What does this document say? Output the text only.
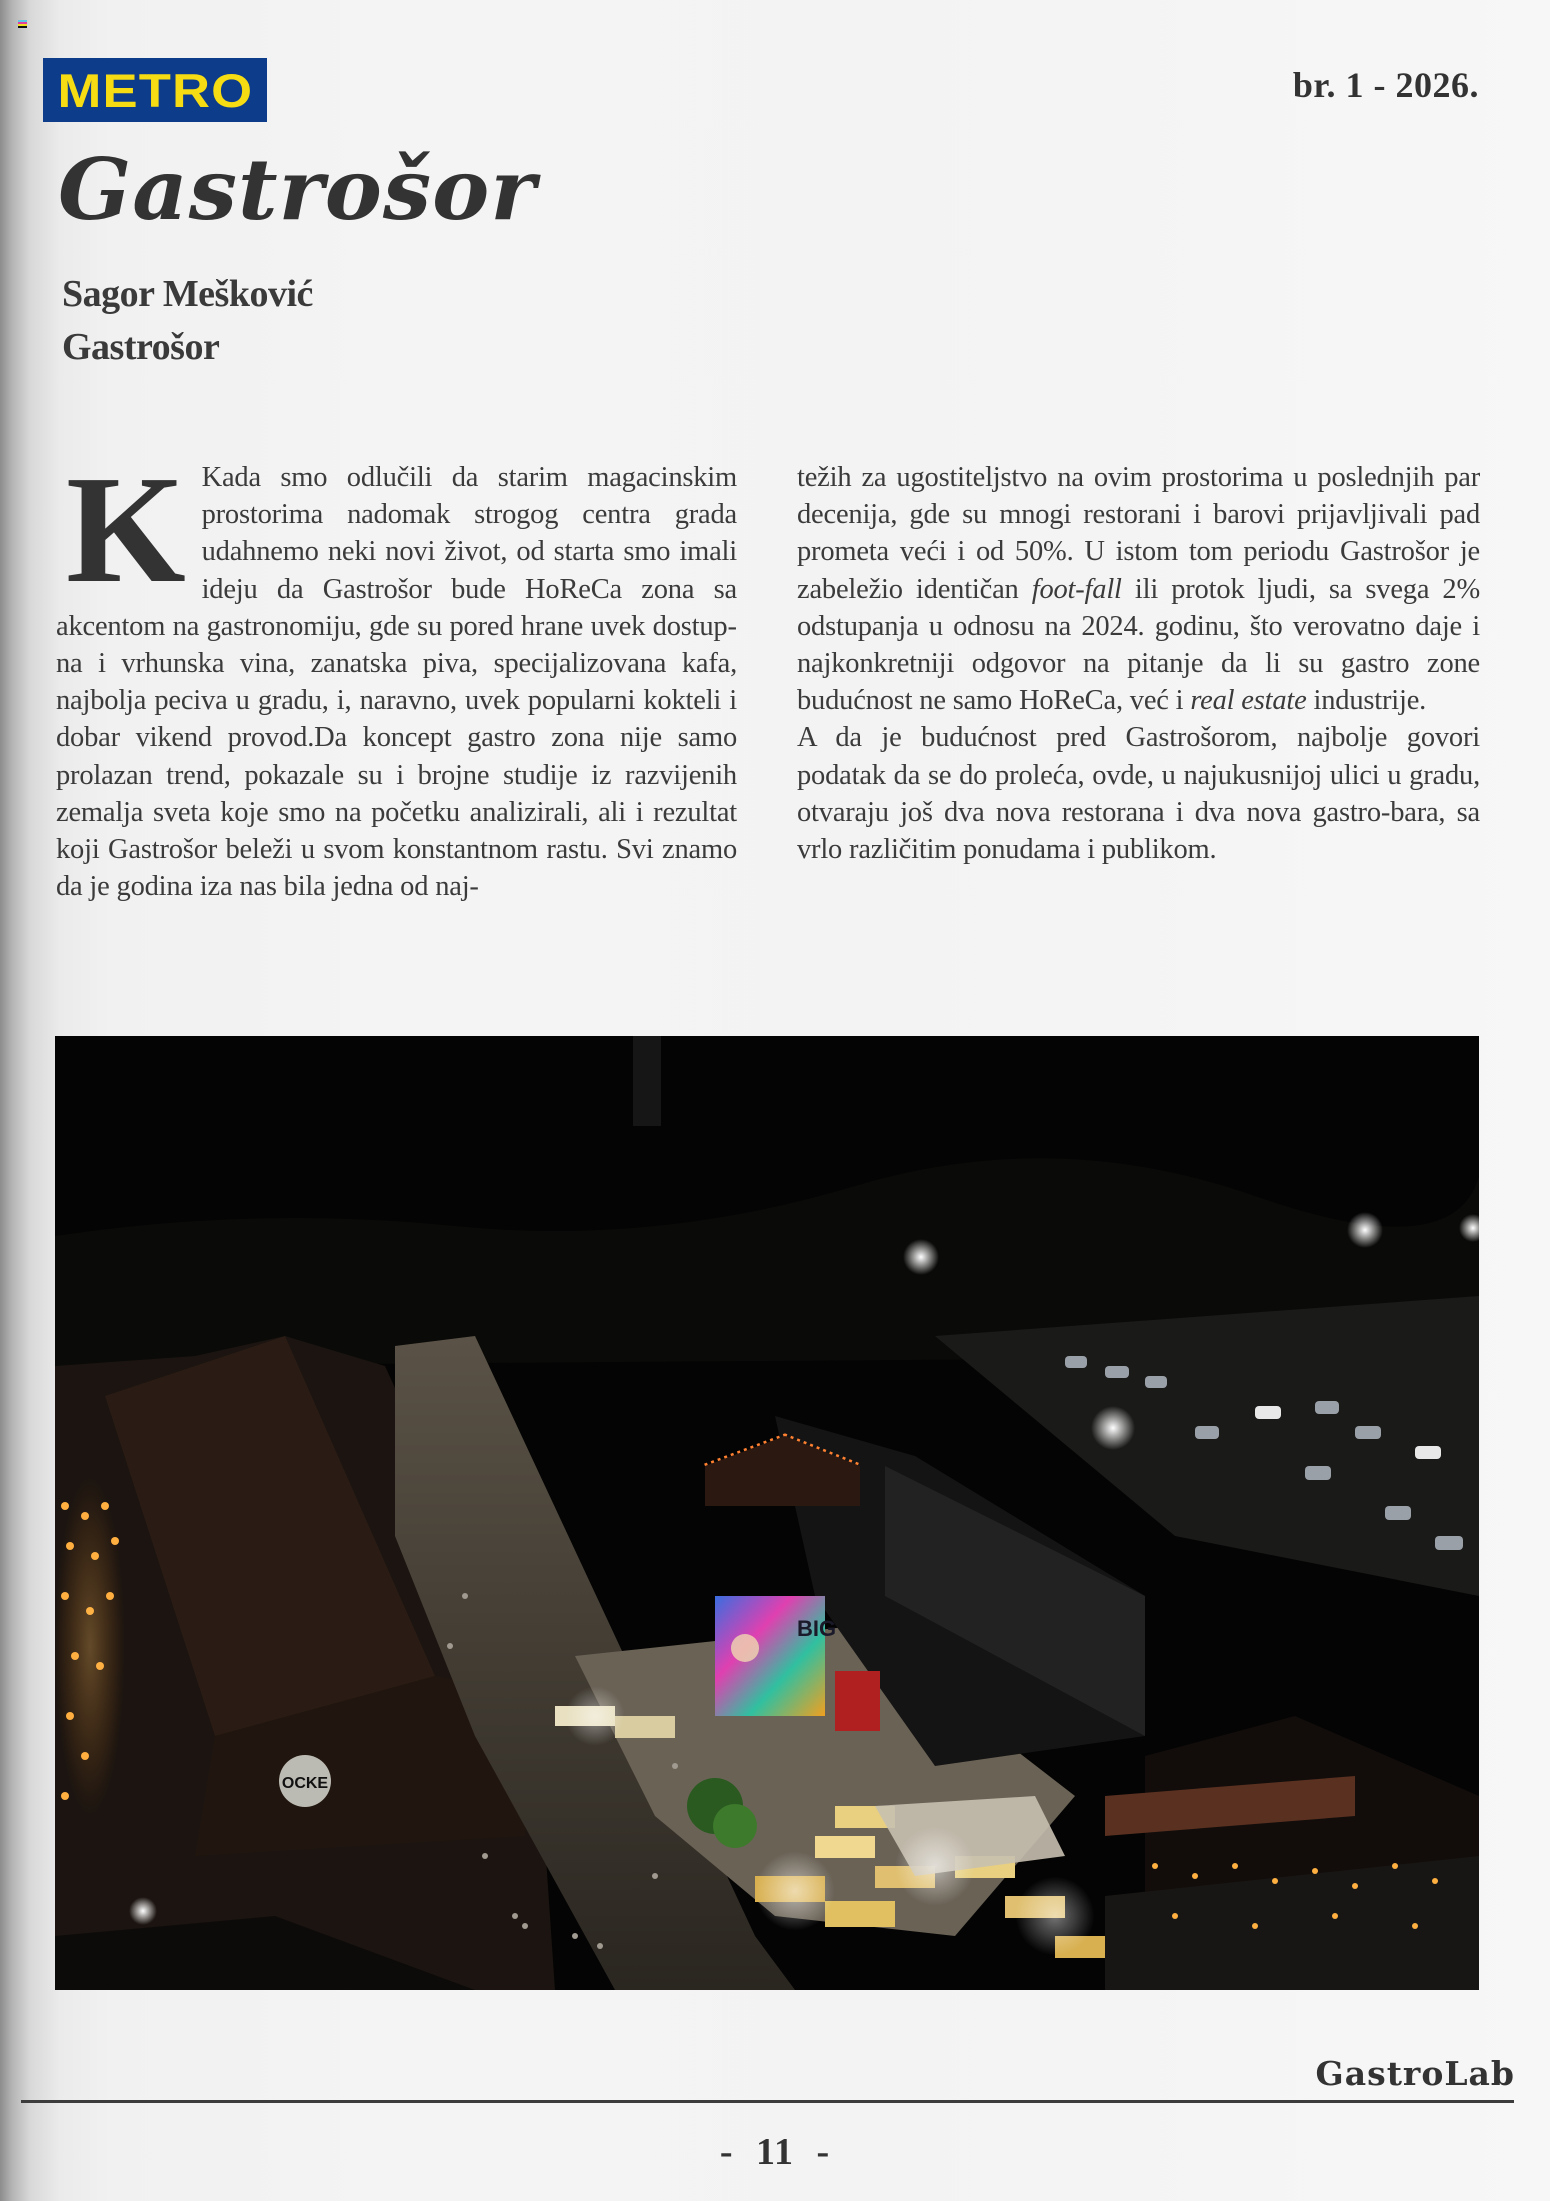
METRO	br. 1 - 2026.
Gastrošor
Sagor Mešković
Gastrošor

K Kada smo odlučili da starim magacinskim prostorima nadomak strogog centra grada udahnemo neki novi život, od starta smo imali ideju da Gastrošor bude HoReCa zona sa akcentom na gastronomiju, gde su pored hrane uvek dostupna i vrhunska vina, zanatska piva, specijalizovana kafa, najbolja peciva u gradu, i, naravno, uvek popularni kokteli i dobar vikend provod.Da koncept gastro zona nije samo prolazan trend, pokazale su i brojne studije iz razvijenih zemalja sveta koje smo na početku analizirali, ali i rezultat koji Gastrošor beleži u svom konstantnom rastu. Svi znamo da je godina iza nas bila jedna od naj-

težih za ugostiteljstvo na ovim prostorima u poslednjih par decenija, gde su mnogi restorani i barovi prijavljivali pad prometa veći i od 50%. U istom tom periodu Gastrošor je zabeležio identičan foot-fall ili protok ljudi, sa svega 2% odstupanja u odnosu na 2024. godinu, što verovatno daje i najkonkretniji odgovor na pitanje da li su gastro zone budućnost ne samo HoReCa, već i real estate industrije.

A da je budućnost pred Gastrošorom, najbolje govori podatak da se do proleća, ovde, u najukusnijoj ulici u gradu, otvaraju još dva nova restorana i dva nova gastro-bara, sa vrlo različitim ponudama i publikom.

OCKE
BIG
GastroLab
- 11 -
